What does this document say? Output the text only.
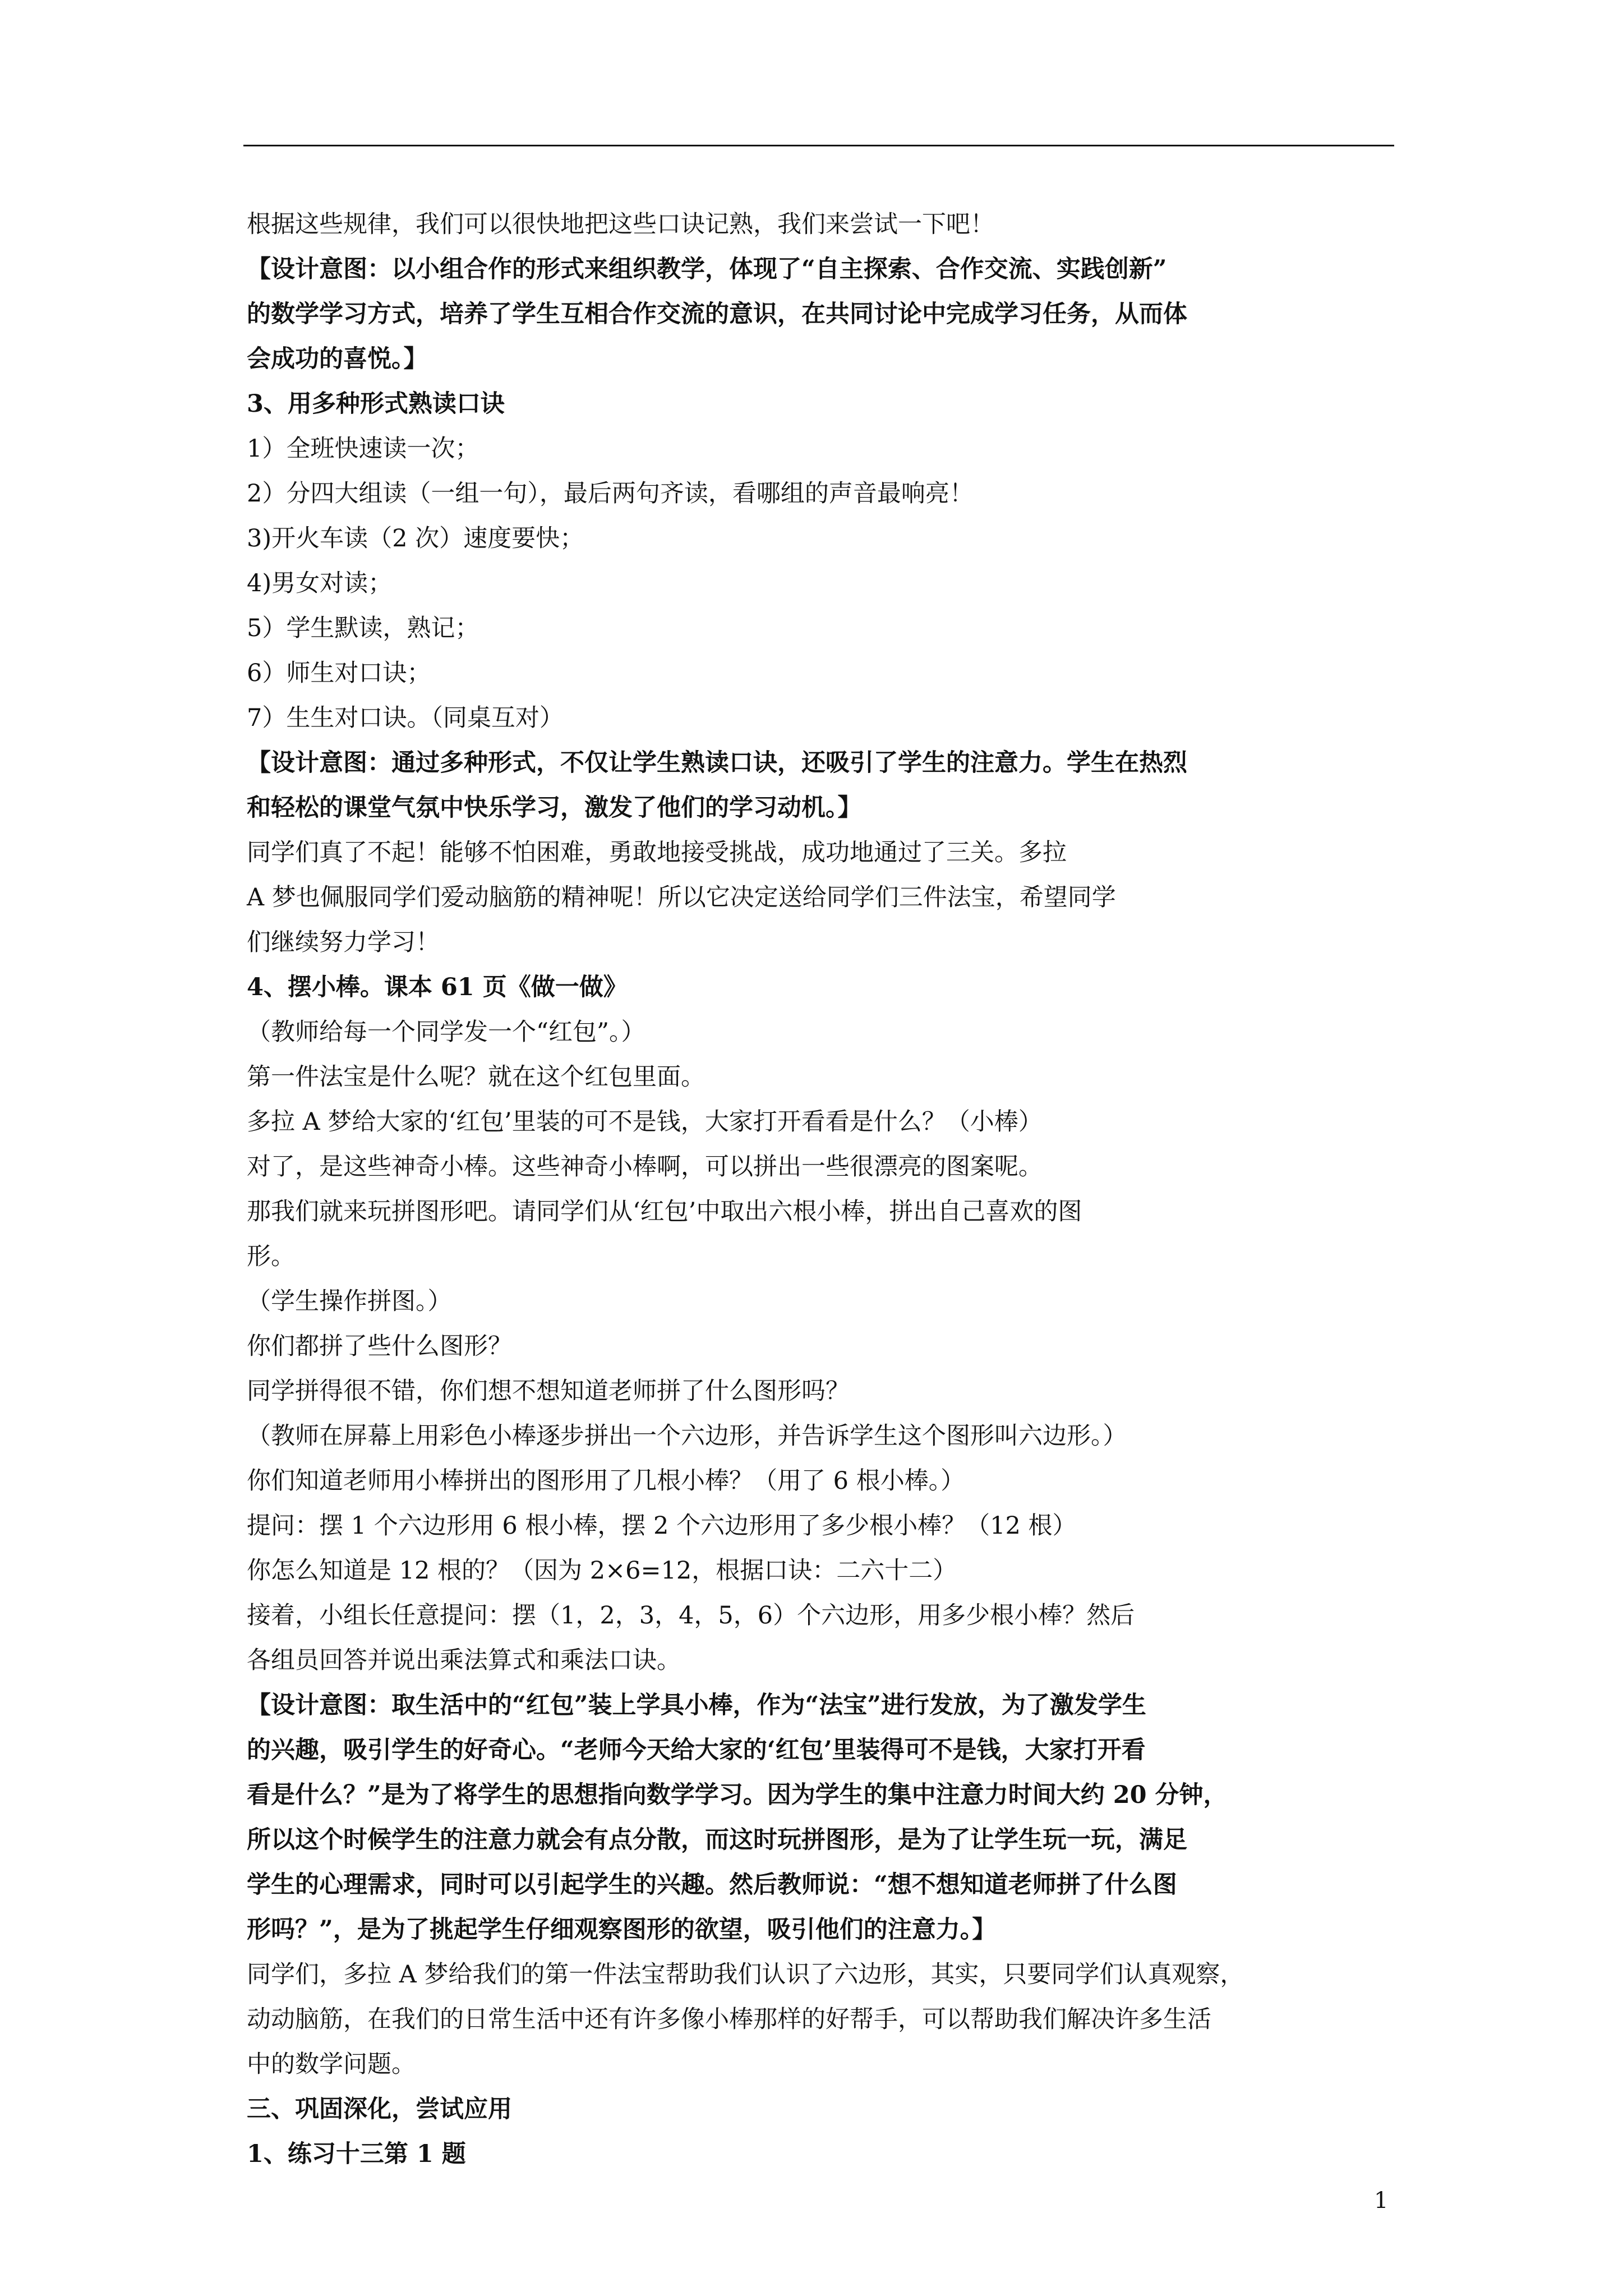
根据这些规律，我们可以很快地把这些口诀记熟，我们来尝试一下吧！
【设计意图：以小组合作的形式来组织教学，体现了“自主探索、合作交流、实践创新”
的数学学习方式，培养了学生互相合作交流的意识，在共同讨论中完成学习任务，从而体
会成功的喜悦。】
3、用多种形式熟读口诀
1）全班快速读一次；
2）分四大组读（一组一句），最后两句齐读，看哪组的声音最响亮！
3)开火车读（2 次）速度要快；
4)男女对读；
5）学生默读，熟记；
6）师生对口诀；
7）生生对口诀。（同桌互对）
【设计意图：通过多种形式，不仅让学生熟读口诀，还吸引了学生的注意力。学生在热烈
和轻松的课堂气氛中快乐学习，激发了他们的学习动机。】
同学们真了不起！能够不怕困难，勇敢地接受挑战，成功地通过了三关。多拉
A 梦也佩服同学们爱动脑筋的精神呢！所以它决定送给同学们三件法宝，希望同学
们继续努力学习！
4、摆小棒。课本 61 页《做一做》
（教师给每一个同学发一个“红包”。）
第一件法宝是什么呢？就在这个红包里面。
多拉 A 梦给大家的‘红包’里装的可不是钱，大家打开看看是什么？（小棒）
对了，是这些神奇小棒。这些神奇小棒啊，可以拼出一些很漂亮的图案呢。
那我们就来玩拼图形吧。请同学们从‘红包’中取出六根小棒，拼出自己喜欢的图
形。
（学生操作拼图。）
你们都拼了些什么图形？
同学拼得很不错，你们想不想知道老师拼了什么图形吗？
（教师在屏幕上用彩色小棒逐步拼出一个六边形，并告诉学生这个图形叫六边形。）
你们知道老师用小棒拼出的图形用了几根小棒？（用了 6 根小棒。）
提问：摆 1 个六边形用 6 根小棒，摆 2 个六边形用了多少根小棒？（12 根）
你怎么知道是 12 根的？（因为 2×6=12，根据口诀：二六十二）
接着，小组长任意提问：摆（1，2，3，4，5，6）个六边形，用多少根小棒？然后
各组员回答并说出乘法算式和乘法口诀。
【设计意图：取生活中的“红包”装上学具小棒，作为“法宝”进行发放，为了激发学生
的兴趣，吸引学生的好奇心。“老师今天给大家的‘红包’里装得可不是钱，大家打开看
看是什么？”是为了将学生的思想指向数学学习。因为学生的集中注意力时间大约 20 分钟，
所以这个时候学生的注意力就会有点分散，而这时玩拼图形，是为了让学生玩一玩，满足
学生的心理需求，同时可以引起学生的兴趣。然后教师说：“想不想知道老师拼了什么图
形吗？”，是为了挑起学生仔细观察图形的欲望，吸引他们的注意力。】
同学们，多拉 A 梦给我们的第一件法宝帮助我们认识了六边形，其实，只要同学们认真观察，
动动脑筋，在我们的日常生活中还有许多像小棒那样的好帮手，可以帮助我们解决许多生活
中的数学问题。
三、巩固深化，尝试应用
1、练习十三第 1 题
1
